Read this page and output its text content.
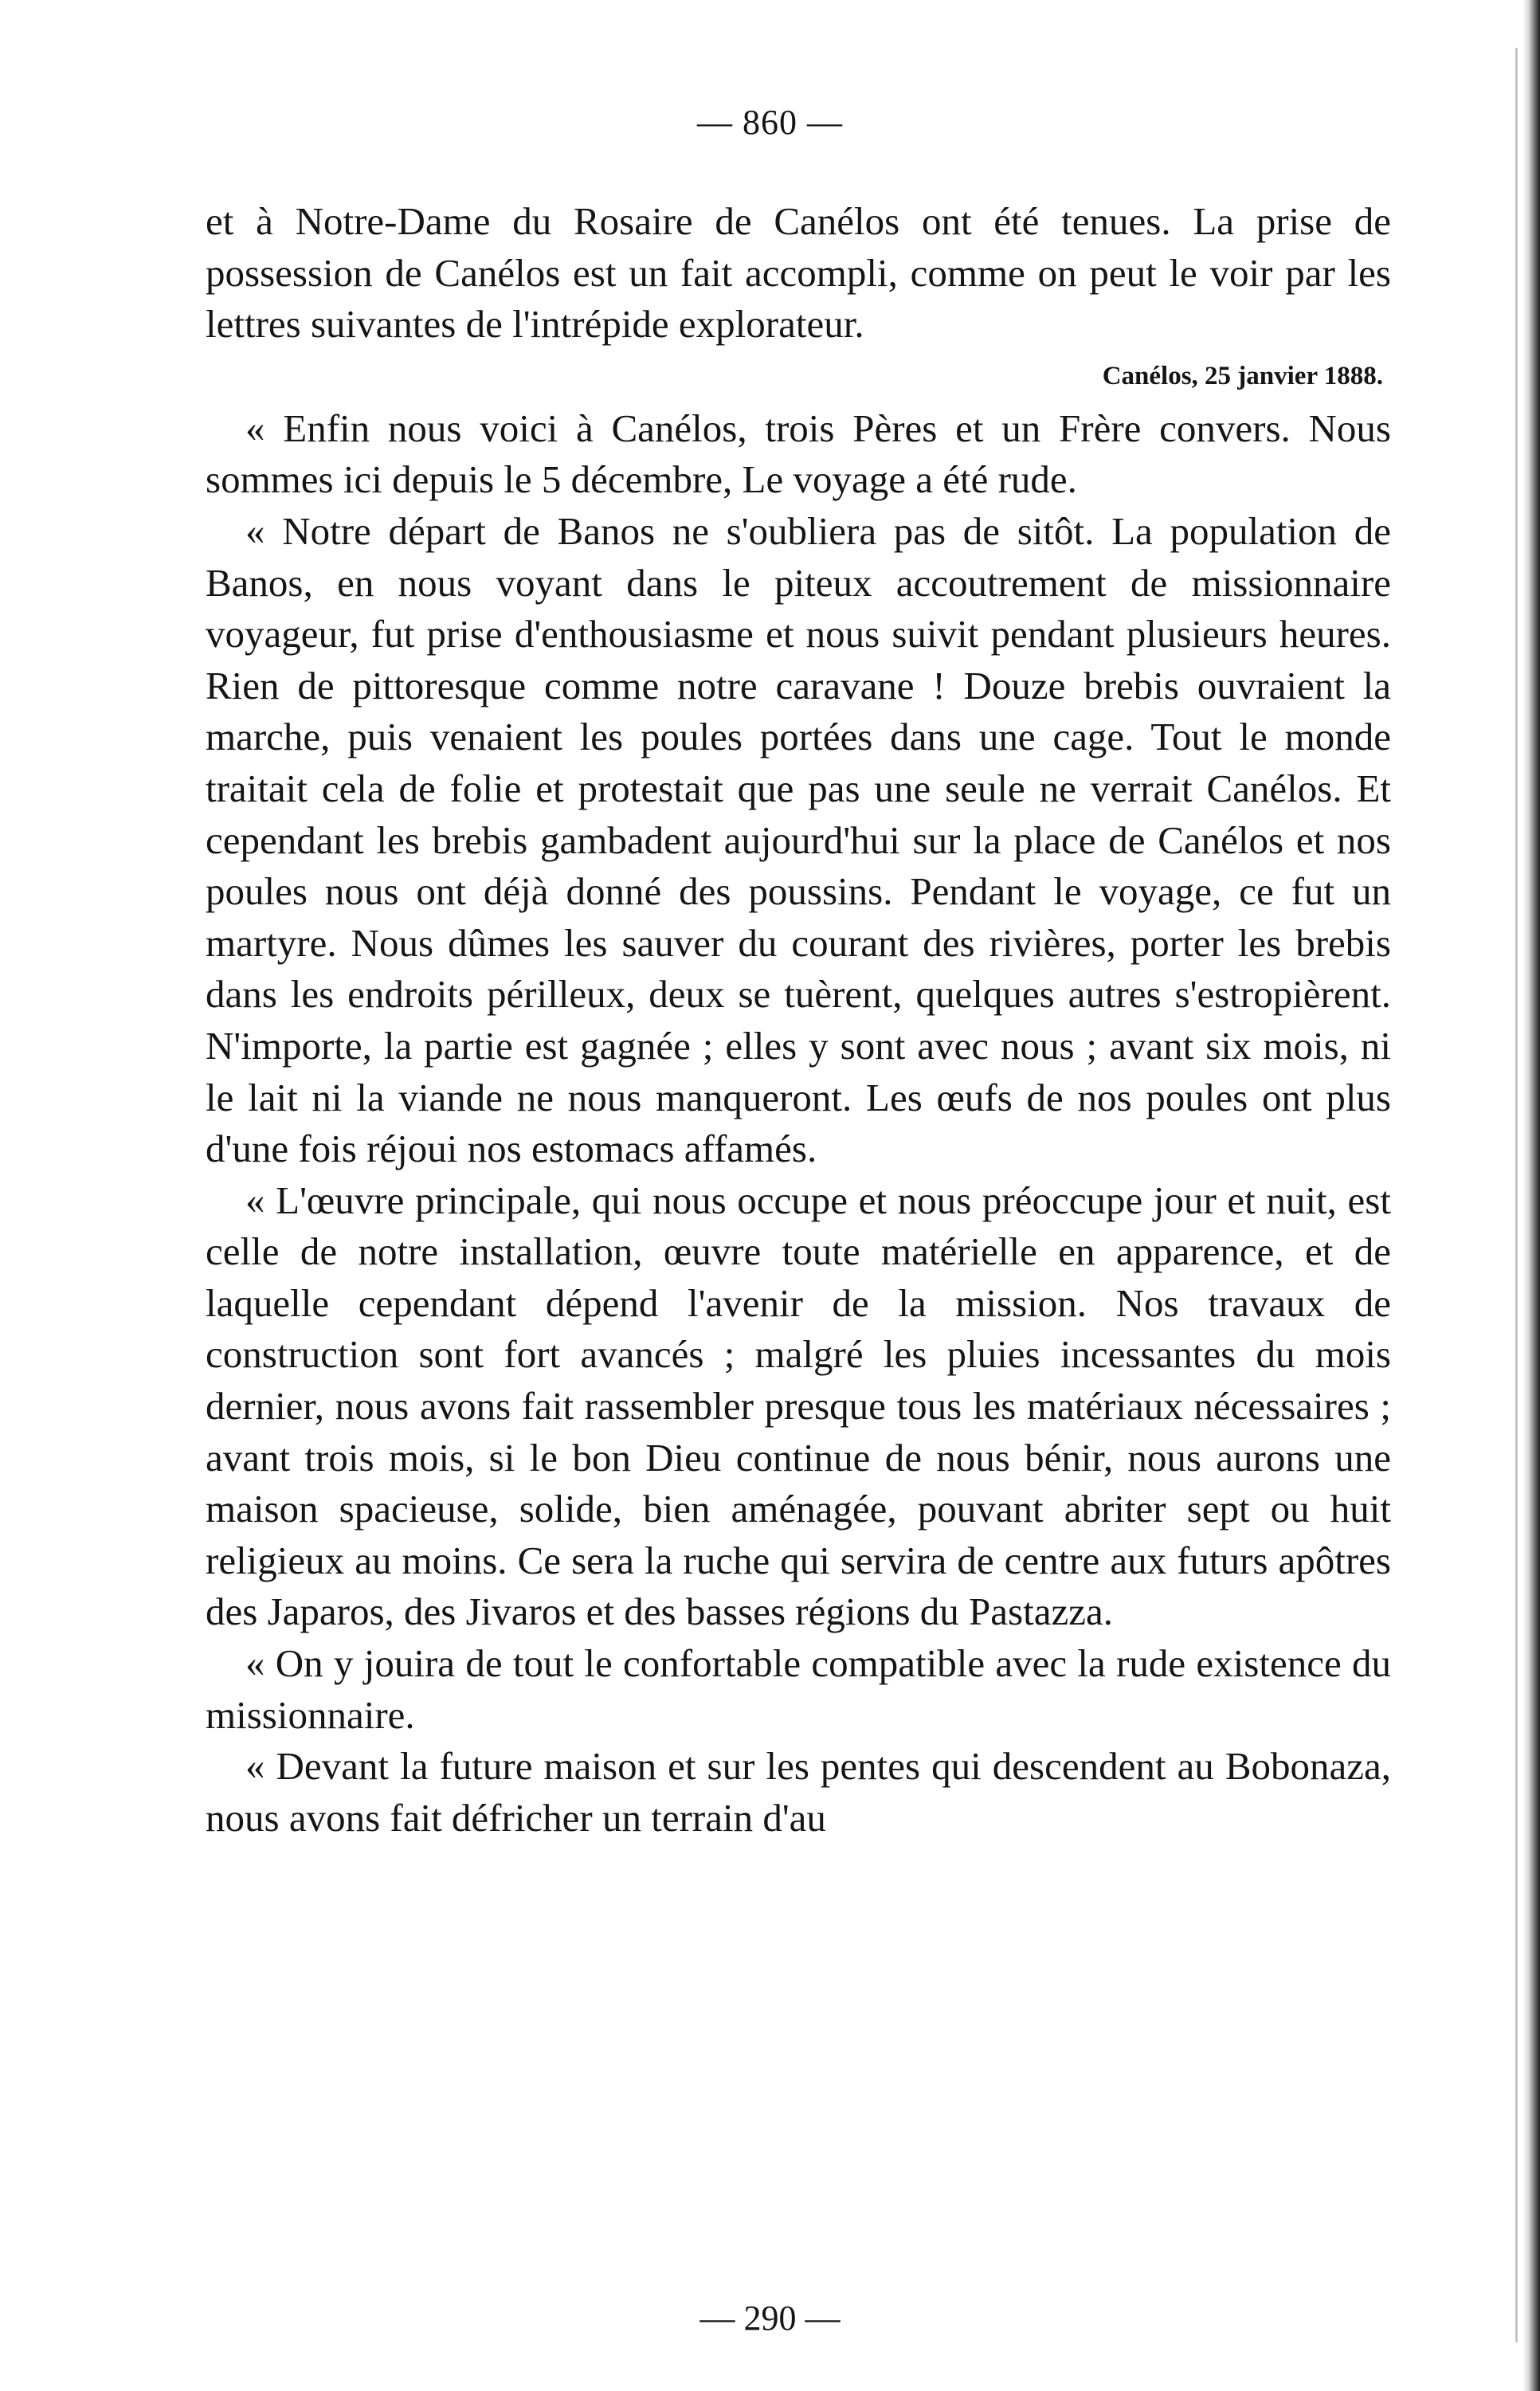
— 860 —

et à Notre-Dame du Rosaire de Canélos ont été tenues. La prise de possession de Canélos est un fait accompli, comme on peut le voir par les lettres suivantes de l'intrépide explorateur.

Canélos, 25 janvier 1888.

« Enfin nous voici à Canélos, trois Pères et un Frère convers. Nous sommes ici depuis le 5 décembre, Le voyage a été rude.

« Notre départ de Banos ne s'oubliera pas de sitôt. La population de Banos, en nous voyant dans le piteux accoutrement de missionnaire voyageur, fut prise d'enthousiasme et nous suivit pendant plusieurs heures. Rien de pittoresque comme notre caravane ! Douze brebis ouvraient la marche, puis venaient les poules portées dans une cage. Tout le monde traitait cela de folie et protestait que pas une seule ne verrait Canélos. Et cependant les brebis gambadent aujourd'hui sur la place de Canélos et nos poules nous ont déjà donné des poussins. Pendant le voyage, ce fut un martyre. Nous dûmes les sauver du courant des rivières, porter les brebis dans les endroits périlleux, deux se tuèrent, quelques autres s'estropièrent. N'importe, la partie est gagnée ; elles y sont avec nous ; avant six mois, ni le lait ni la viande ne nous manqueront. Les œufs de nos poules ont plus d'une fois réjoui nos estomacs affamés.

« L'œuvre principale, qui nous occupe et nous préoccupe jour et nuit, est celle de notre installation, œuvre toute matérielle en apparence, et de laquelle cependant dépend l'avenir de la mission. Nos travaux de construction sont fort avancés ; malgré les pluies incessantes du mois dernier, nous avons fait rassembler presque tous les matériaux nécessaires ; avant trois mois, si le bon Dieu continue de nous bénir, nous aurons une maison spacieuse, solide, bien aménagée, pouvant abriter sept ou huit religieux au moins. Ce sera la ruche qui servira de centre aux futurs apôtres des Japaros, des Jivaros et des basses régions du Pastazza.

« On y jouira de tout le confortable compatible avec la rude existence du missionnaire.

« Devant la future maison et sur les pentes qui descendent au Bobonaza, nous avons fait défricher un terrain d'au

— 290 —
